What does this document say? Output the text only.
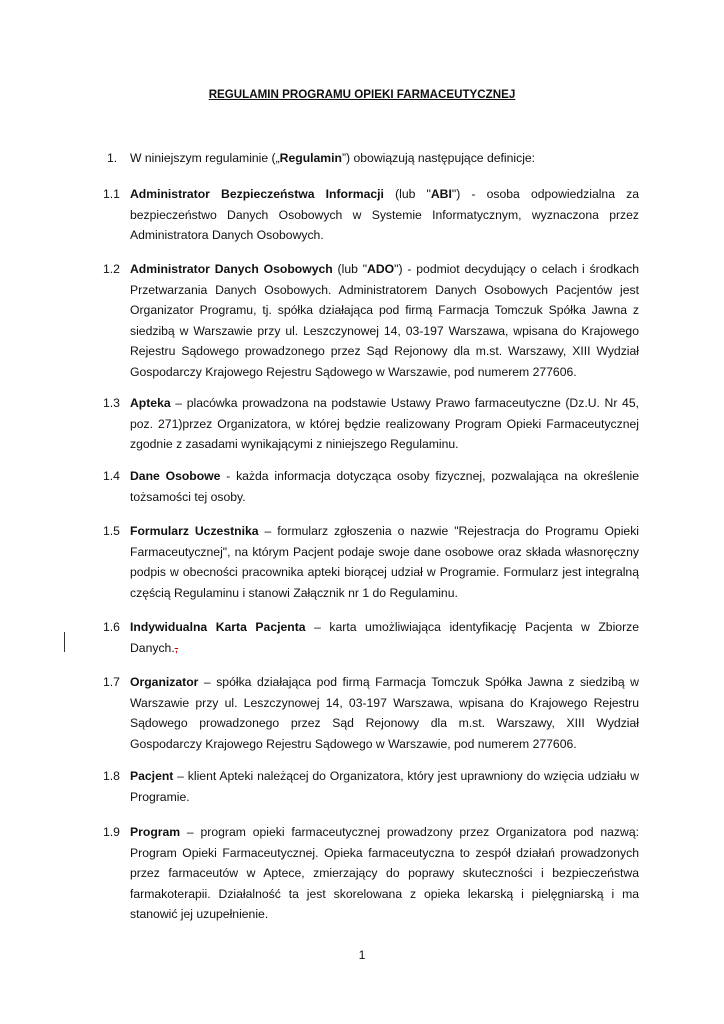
REGULAMIN PROGRAMU OPIEKI FARMACEUTYCZNEJ
1. W niniejszym regulaminie („Regulamin”) obowiązują następujące definicje:
1.1 Administrator Bezpieczeństwa Informacji (lub "ABI") - osoba odpowiedzialna za bezpieczeństwo Danych Osobowych w Systemie Informatycznym, wyznaczona przez Administratora Danych Osobowych.
1.2 Administrator Danych Osobowych (lub "ADO") - podmiot decydujący o celach i środkach Przetwarzania Danych Osobowych. Administratorem Danych Osobowych Pacjentów jest Organizator Programu, tj. spółka działająca pod firmą Farmacja Tomczuk Spółka Jawna z siedzibą w Warszawie przy ul. Leszczynowej 14, 03-197 Warszawa, wpisana do Krajowego Rejestru Sądowego prowadzonego przez Sąd Rejonowy dla m.st. Warszawy, XIII Wydział Gospodarczy Krajowego Rejestru Sądowego w Warszawie, pod numerem 277606.
1.3 Apteka – placówka prowadzona na podstawie Ustawy Prawo farmaceutyczne (Dz.U. Nr 45, poz. 271)przez Organizatora, w której będzie realizowany Program Opieki Farmaceutycznej zgodnie z zasadami wynikającymi z niniejszego Regulaminu.
1.4 Dane Osobowe - każda informacja dotycząca osoby fizycznej, pozwalająca na określenie tożsamości tej osoby.
1.5 Formularz Uczestnika – formularz zgłoszenia o nazwie "Rejestracja do Programu Opieki Farmaceutycznej", na którym Pacjent podaje swoje dane osobowe oraz składa własnoręczny podpis w obecności pracownika apteki biorącej udział w Programie. Formularz jest integralną częścią Regulaminu i stanowi Załącznik nr 1 do Regulaminu.
1.6 Indywidualna Karta Pacjenta – karta umożliwiająca identyfikację Pacjenta w Zbiorze Danych.,
1.7 Organizator – spółka działająca pod firmą Farmacja Tomczuk Spółka Jawna z siedzibą w Warszawie przy ul. Leszczynowej 14, 03-197 Warszawa, wpisana do Krajowego Rejestru Sądowego prowadzonego przez Sąd Rejonowy dla m.st. Warszawy, XIII Wydział Gospodarczy Krajowego Rejestru Sądowego w Warszawie, pod numerem 277606.
1.8 Pacjent – klient Apteki należącej do Organizatora, który jest uprawniony do wzięcia udziału w Programie.
1.9 Program – program opieki farmaceutycznej prowadzony przez Organizatora pod nazwą: Program Opieki Farmaceutycznej. Opieka farmaceutyczna to zespół działań prowadzonych przez farmaceutów w Aptece, zmierzający do poprawy skuteczności i bezpieczeństwa farmakoterapii. Działalność ta jest skorelowana z opieka lekarską i pielęgniarską i ma stanowić jej uzupełnienie.
1
